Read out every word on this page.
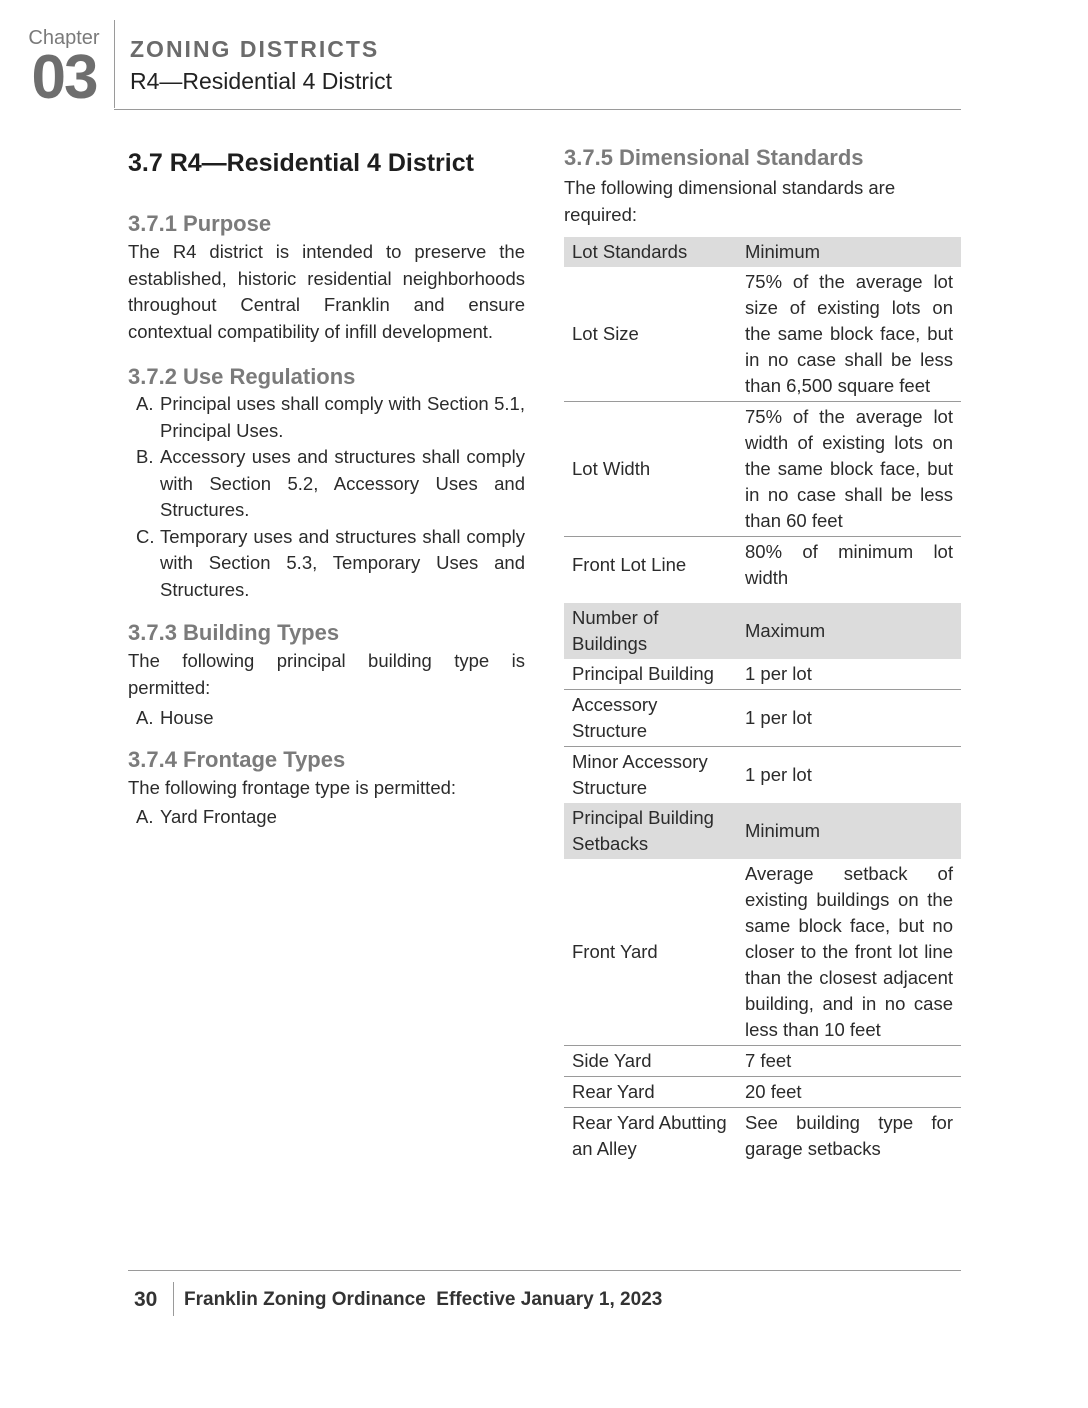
Chapter
03	ZONING DISTRICTS
R4—Residential 4 District
3.7 R4—Residential 4 District
3.7.1 Purpose

The R4 district is intended to preserve the established, historic residential neighborhoods throughout Central Franklin and ensure contextual compatibility of infill development.

3.7.2 Use Regulations
A. Principal uses shall comply with Section 5.1, Principal Uses.
B. Accessory uses and structures shall comply with Section 5.2, Accessory Uses and Structures.
C. Temporary uses and structures shall comply with Section 5.3, Temporary Uses and Structures.
3.7.3 Building Types

The following principal building type is permitted:

A. House
3.7.4 Frontage Types

The following frontage type is permitted:

A. Yard Frontage
3.7.5 Dimensional Standards

The following dimensional standards are required:

Lot Standards	Minimum
Lot Size	75% of the average lot size of existing lots on the same block face, but in no case shall be less than 6,500 square feet
Lot Width	75% of the average lot width of existing lots on the same block face, but in no case shall be less than 60 feet
Front Lot Line	80% of minimum lot width
Number of Buildings	Maximum
Principal Building	1 per lot
Accessory Structure	1 per lot
Minor Accessory Structure	1 per lot
Principal Building Setbacks	Minimum
Front Yard	Average setback of existing buildings on the same block face, but no closer to the front lot line than the closest adjacent building, and in no case less than 10 feet
Side Yard	7 feet
Rear Yard	20 feet
Rear Yard Abutting an Alley	See building type for garage setbacks
30 Franklin Zoning Ordinance  Effective January 1, 2023
